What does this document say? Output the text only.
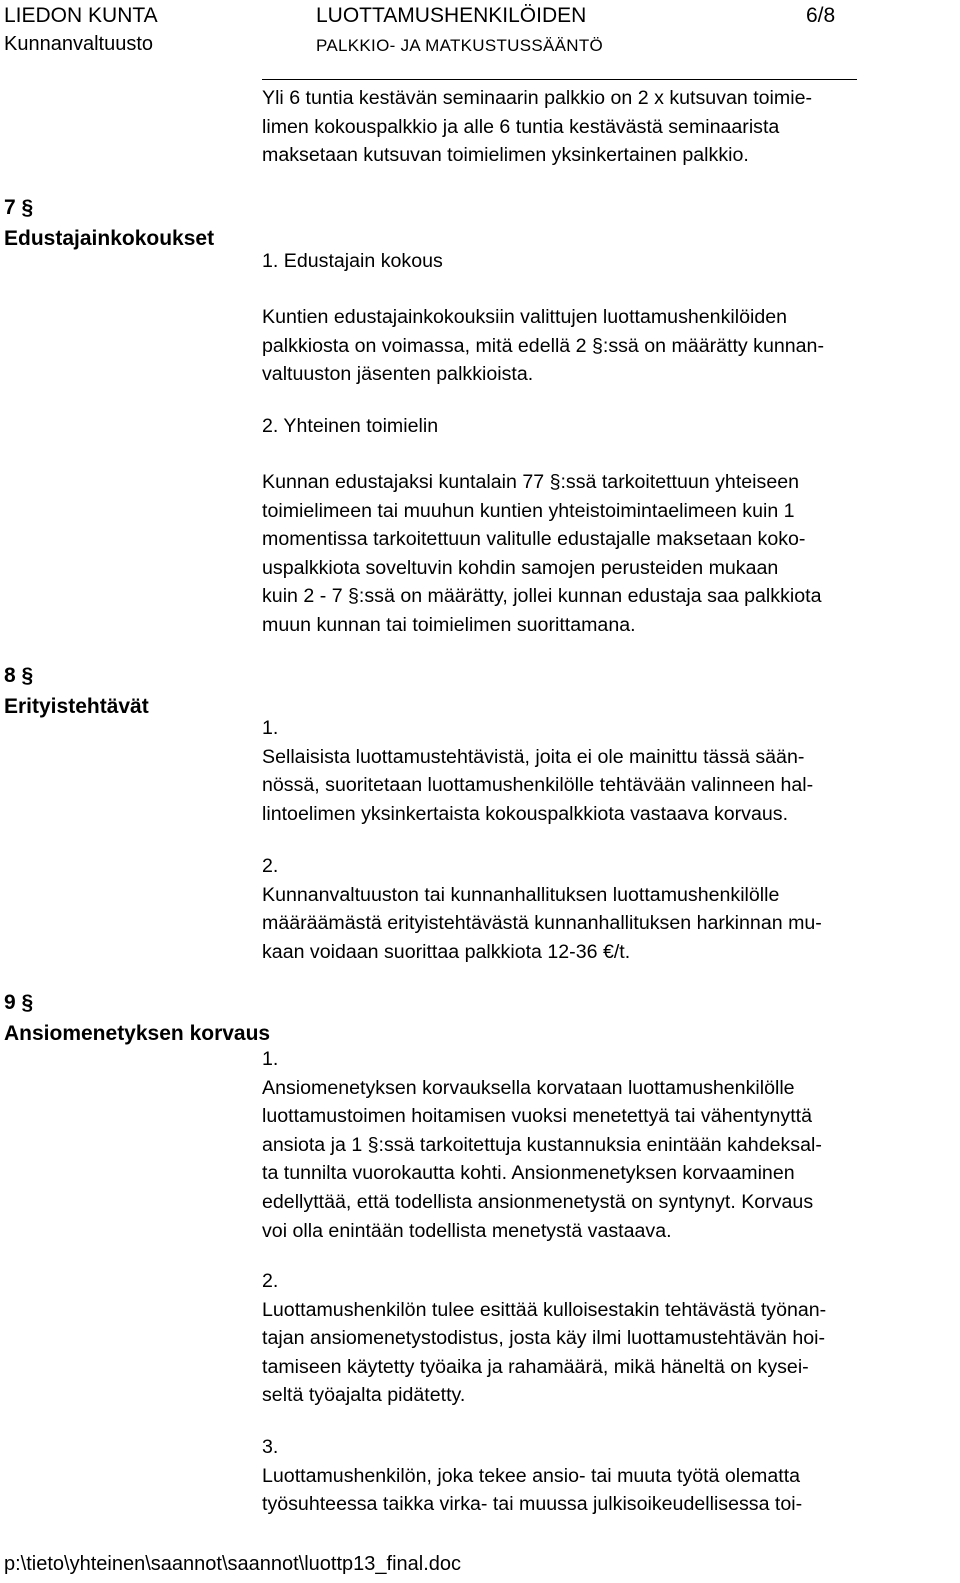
LIEDON KUNTA	LUOTTAMUSHENKILÖIDEN	6/8
Kunnanvaltuusto	PALKKIO- JA MATKUSTUSSÄÄNTÖ

Yli 6 tuntia kestävän seminaarin palkkio on 2 x kutsuvan toimie-
limen kokouspalkkio ja alle 6 tuntia kestävästä seminaarista
maksetaan kutsuvan toimielimen yksinkertainen palkkio.

7 §
Edustajainkokoukset

1. Edustajain kokous

Kuntien edustajainkokouksiin valittujen luottamushenkilöiden
palkkiosta on voimassa, mitä edellä 2 §:ssä on määrätty kunnan-
valtuuston jäsenten palkkioista.

2. Yhteinen toimielin

Kunnan edustajaksi kuntalain 77 §:ssä tarkoitettuun yhteiseen
toimielimeen tai muuhun kuntien yhteistoimintaelimeen kuin 1
momentissa tarkoitettuun valitulle edustajalle maksetaan koko-
uspalkkiota soveltuvin kohdin samojen perusteiden mukaan
kuin 2 - 7 §:ssä on määrätty, jollei kunnan edustaja saa palkkiota
muun kunnan tai toimielimen suorittamana.

8 §
Erityistehtävät

1.
Sellaisista luottamustehtävistä, joita ei ole mainittu tässä sään-
nössä, suoritetaan luottamushenkilölle tehtävään valinneen hal-
lintoelimen yksinkertaista kokouspalkkiota vastaava korvaus.

2.
Kunnanvaltuuston tai kunnanhallituksen luottamushenkilölle
määräämästä erityistehtävästä kunnanhallituksen harkinnan mu-
kaan voidaan suorittaa palkkiota 12-36 €/t.

9 §
Ansiomenetyksen korvaus

1.
Ansiomenetyksen korvauksella korvataan luottamushenkilölle
luottamustoimen hoitamisen vuoksi menetettyä tai vähentynyttä
ansiota ja 1 §:ssä tarkoitettuja kustannuksia enintään kahdeksal-
ta tunnilta vuorokautta kohti. Ansionmenetyksen korvaaminen
edellyttää, että todellista ansionmenetystä on syntynyt. Korvaus
voi olla enintään todellista menetystä vastaava.

2.
Luottamushenkilön tulee esittää kulloisestakin tehtävästä työnan-
tajan ansiomenetystodistus, josta käy ilmi luottamustehtävän hoi-
tamiseen käytetty työaika ja rahamäärä, mikä häneltä on kysei-
seltä työajalta pidätetty.

3.
Luottamushenkilön, joka tekee ansio- tai muuta työtä olematta
työsuhteessa taikka virka- tai muussa julkisoikeudellisessa toi-

p:\tieto\yhteinen\saannot\saannot\luottp13_final.doc
